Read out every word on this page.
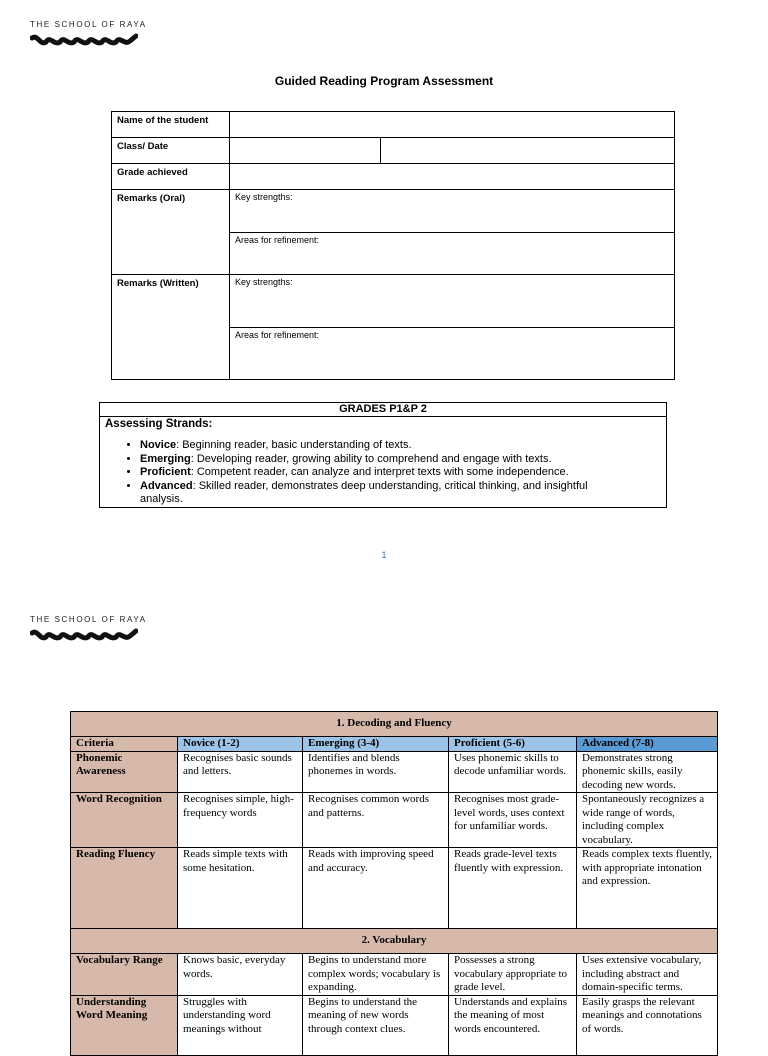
THE SCHOOL OF RAYA
Guided Reading Program Assessment
Name of the student		
Class/ Date		
Grade achieved		
Remarks (Oral)	Key strengths:	
	Areas for refinement:	
Remarks (Written)	Key strengths:	
	Areas for refinement:	
GRADES P1&P 2
Assessing Strands:
• Novice: Beginning reader, basic understanding of texts.
• Emerging: Developing reader, growing ability to comprehend and engage with texts.
• Proficient: Competent reader, can analyze and interpret texts with some independence.
• Advanced: Skilled reader, demonstrates deep understanding, critical thinking, and insightful analysis.
1
THE SCHOOL OF RAYA
1. Decoding and Fluency				
Criteria	Novice (1-2)	Emerging (3-4)	Proficient (5-6)	Advanced (7-8)
Phonemic Awareness	Recognises basic sounds and letters.	Identifies and blends phonemes in words.	Uses phonemic skills to decode unfamiliar words.	Demonstrates strong phonemic skills, easily decoding new words.
Word Recognition	Recognises simple, high-frequency words	Recognises common words and patterns.	Recognises most grade-level words, uses context for unfamiliar words.	Spontaneously recognizes a wide range of words, including complex vocabulary.
Reading Fluency	Reads simple texts with some hesitation.	Reads with improving speed and accuracy.	Reads grade-level texts fluently with expression.	Reads complex texts fluently, with appropriate intonation and expression.
2. Vocabulary				
Vocabulary Range	Knows basic, everyday words.	Begins to understand more complex words; vocabulary is expanding.	Possesses a strong vocabulary appropriate to grade level.	Uses extensive vocabulary, including abstract and domain-specific terms.
Understanding Word Meaning	Struggles with understanding word meanings without	Begins to understand the meaning of new words through context clues.	Understands and explains the meaning of most words encountered.	Easily grasps the relevant meanings and connotations of words.
